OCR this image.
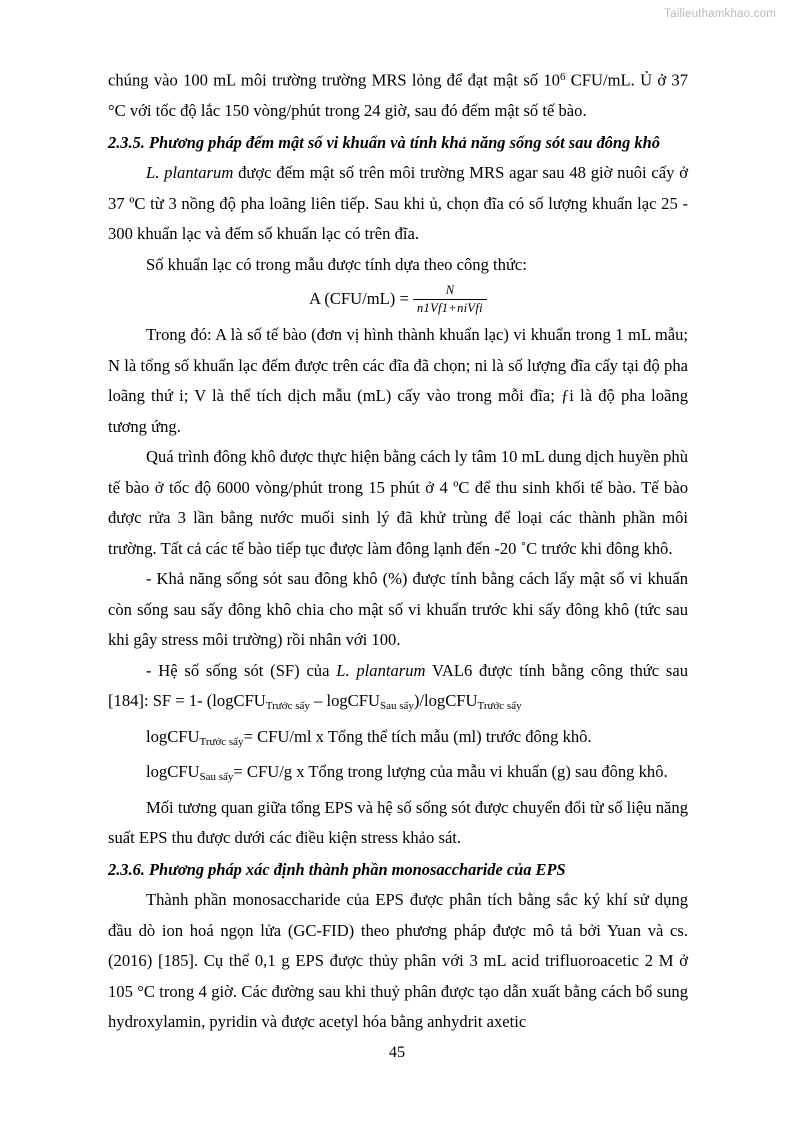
Tailieuthamkhao.com

chúng vào 100 mL môi trường trường MRS lỏng để đạt mật số $10^6$ CFU/mL. Ủ ở 37 °C với tốc độ lắc 150 vòng/phút trong 24 giờ, sau đó đếm mật số tế bào.

2.3.5. Phương pháp đếm mật số vi khuẩn và tính khả năng sống sót sau đông khô

L. plantarum được đếm mật số trên môi trường MRS agar sau 48 giờ nuôi cấy ở 37 ºC từ 3 nồng độ pha loãng liên tiếp. Sau khi ủ, chọn đĩa có số lượng khuẩn lạc 25 - 300 khuẩn lạc và đếm số khuẩn lạc có trên đĩa.

Số khuẩn lạc có trong mẫu được tính dựa theo công thức:

A $(CFU/mL) = \frac{N}{\text{n1Vf1+niVfi}}$

Trong đó: A là số tế bào (đơn vị hình thành khuẩn lạc) vi khuẩn trong 1 mL mẫu; N là tổng số khuẩn lạc đếm được trên các đĩa đã chọn; ni là số lượng đĩa cấy tại độ pha loãng thứ i; V là thể tích dịch mẫu (mL) cấy vào trong mỗi đĩa; ƒi là độ pha loãng tương ứng.

Quá trình đông khô được thực hiện bằng cách ly tâm 10 mL dung dịch huyền phù tế bào ở tốc độ 6000 vòng/phút trong 15 phút ở 4 ºC để thu sinh khối tế bào. Tế bào được rửa 3 lần bằng nước muối sinh lý đã khử trùng để loại các thành phần môi trường. Tất cả các tế bào tiếp tục được làm đông lạnh đến -20 ˚C trước khi đông khô.

- Khả năng sống sót sau đông khô (%) được tính bằng cách lấy mật số vi khuẩn còn sống sau sấy đông khô chia cho mật số vi khuẩn trước khi sấy đông khô (tức sau khi gây stress môi trường) rồi nhân với 100.

- Hệ số sống sót (SF) của L. plantarum VAL6 được tính bằng công thức sau [184]: SF = 1- (logCFU$_{Trước sấy}$ – logCFU$_{Sau sấy}$)/logCFU$_{Trước sấy}$

logCFU$_{Trước sấy}$= CFU/ml x Tổng thể tích mẫu (ml) trước đông khô.

logCFU$_{Sau sấy}$= CFU/g x Tổng trong lượng của mẫu vi khuẩn (g) sau đông khô.

Mối tương quan giữa tổng EPS và hệ số sống sót được chuyển đổi từ số liệu năng suất EPS thu được dưới các điều kiện stress khảo sát.

2.3.6. Phương pháp xác định thành phần monosaccharide của EPS

Thành phần monosaccharide của EPS được phân tích bằng sắc ký khí sử dụng đầu dò ion hoá ngọn lửa (GC-FID) theo phương pháp được mô tả bởi Yuan và cs. (2016) [185]. Cụ thể 0,1 g EPS được thủy phân với 3 mL acid trifluoroacetic 2 M ở 105 °C trong 4 giờ. Các đường sau khi thuỷ phân được tạo dẫn xuất bằng cách bổ sung hydroxylamin, pyridin và được acetyl hóa bằng anhydrit axetic

45
